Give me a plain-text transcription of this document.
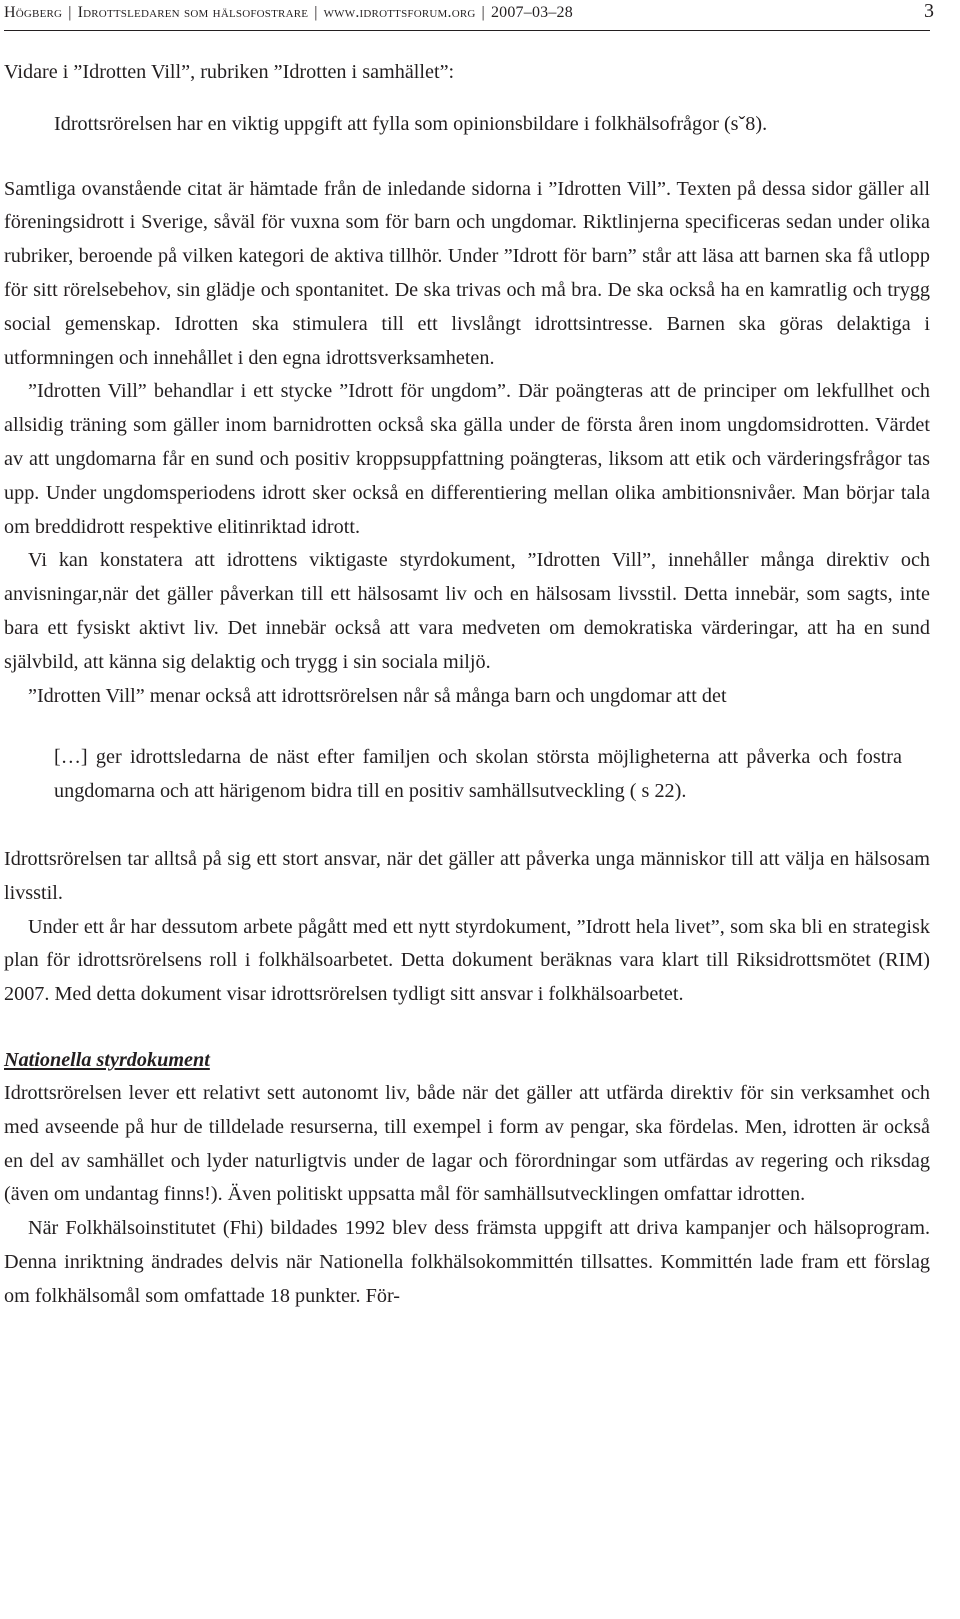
Högberg | Idrottsledaren som hälsofostrare | www.idrottsforum.org | 2007–03–28	3

Vidare i ”Idrotten Vill”, rubriken ”Idrotten i samhället”:

Idrottsrörelsen har en viktig uppgift att fylla som opinionsbildare i folkhälsofrågor (sˇ8).

Samtliga ovanstående citat är hämtade från de inledande sidorna i ”Idrotten Vill”. Texten på dessa sidor gäller all föreningsidrott i Sverige, såväl för vuxna som för barn och ungdomar. Riktlinjerna specificeras sedan under olika rubriker, beroende på vilken kategori de aktiva tillhör. Under ”Idrott för barn” står att läsa att barnen ska få utlopp för sitt rörelsebehov, sin glädje och spontanitet. De ska trivas och må bra. De ska också ha en kamratlig och trygg social gemenskap. Idrotten ska stimulera till ett livslångt idrottsintresse. Barnen ska göras delaktiga i utformningen och innehållet i den egna idrottsverksamheten.

”Idrotten Vill” behandlar i ett stycke ”Idrott för ungdom”. Där poängteras att de principer om lekfullhet och allsidig träning som gäller inom barnidrotten också ska gälla under de första åren inom ungdomsidrotten. Värdet av att ungdomarna får en sund och positiv kroppsuppfattning poängteras, liksom att etik och värderingsfrågor tas upp. Under ungdomsperiodens idrott sker också en differentiering mellan olika ambitionsnivåer. Man börjar tala om breddidrott respektive elitinriktad idrott.

Vi kan konstatera att idrottens viktigaste styrdokument, ”Idrotten Vill”, innehåller många direktiv och anvisningar,när det gäller påverkan till ett hälsosamt liv och en hälsosam livsstil. Detta innebär, som sagts, inte bara ett fysiskt aktivt liv. Det innebär också att vara medveten om demokratiska värderingar, att ha en sund självbild, att känna sig delaktig och trygg i sin sociala miljö.

”Idrotten Vill” menar också att idrottsrörelsen når så många barn och ungdomar att det

[…] ger idrottsledarna de näst efter familjen och skolan största möjligheterna att påverka och fostra ungdomarna och att härigenom bidra till en positiv samhällsutveckling ( s 22).

Idrottsrörelsen tar alltså på sig ett stort ansvar, när det gäller att påverka unga människor till att välja en hälsosam livsstil.

Under ett år har dessutom arbete pågått med ett nytt styrdokument, ”Idrott hela livet”, som ska bli en strategisk plan för idrottsrörelsens roll i folkhälsoarbetet. Detta dokument beräknas vara klart till Riksidrottsmötet (RIM) 2007. Med detta dokument visar idrottsrörelsen tydligt sitt ansvar i folkhälsoarbetet.

Nationella styrdokument

Idrottsrörelsen lever ett relativt sett autonomt liv, både när det gäller att utfärda direktiv för sin verksamhet och med avseende på hur de tilldelade resurserna, till exempel i form av pengar, ska fördelas. Men, idrotten är också en del av samhället och lyder naturligtvis under de lagar och förordningar som utfärdas av regering och riksdag (även om undantag finns!). Även politiskt uppsatta mål för samhällsutvecklingen omfattar idrotten.

När Folkhälsoinstitutet (Fhi) bildades 1992 blev dess främsta uppgift att driva kampanjer och hälsoprogram. Denna inriktning ändrades delvis när Nationella folkhälsokommittén tillsattes. Kommittén lade fram ett förslag om folkhälsomål som omfattade 18 punkter. För-
